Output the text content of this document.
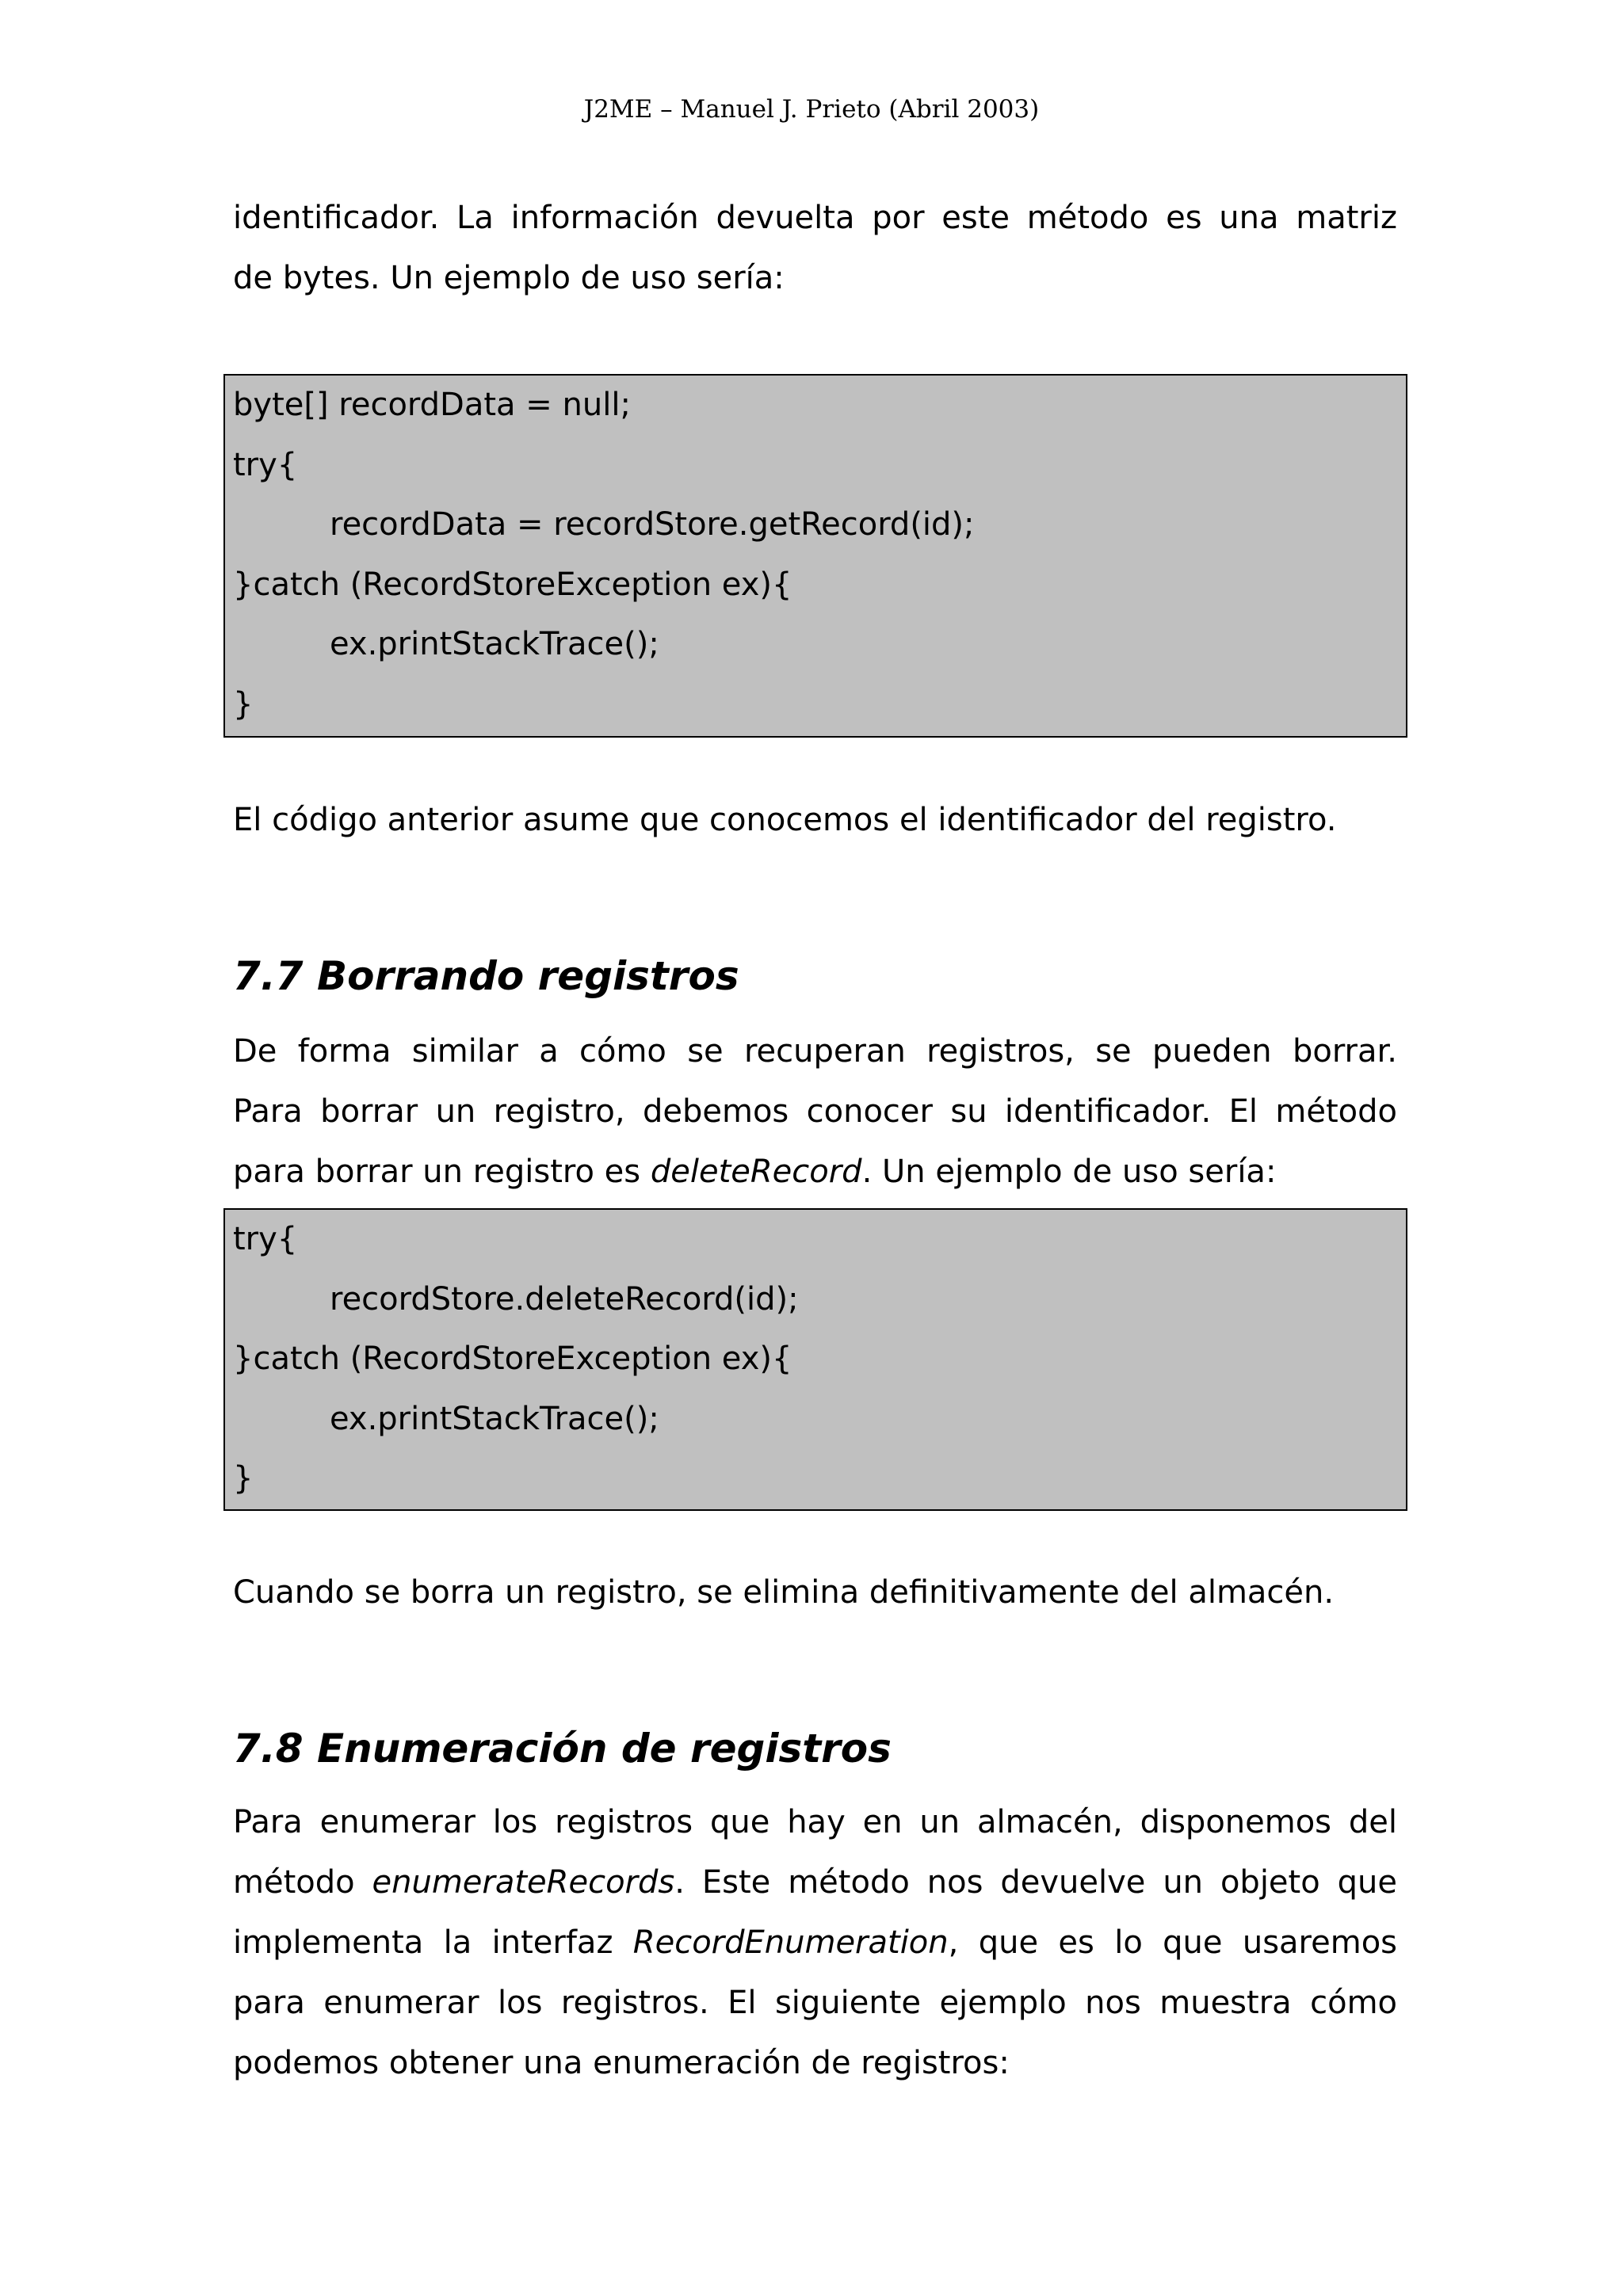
J2ME – Manuel J. Prieto (Abril 2003)

identificador. La información devuelta por este método es una matriz
de bytes. Un ejemplo de uso sería:

byte[] recordData = null;
try{
recordData = recordStore.getRecord(id);
}catch (RecordStoreException ex){
ex.printStackTrace();
}

El código anterior asume que conocemos el identificador del registro.

7.7 Borrando registros

De forma similar a cómo se recuperan registros, se pueden borrar.
Para borrar un registro, debemos conocer su identificador. El método
para borrar un registro es deleteRecord. Un ejemplo de uso sería:

try{
recordStore.deleteRecord(id);
}catch (RecordStoreException ex){
ex.printStackTrace();
}

Cuando se borra un registro, se elimina definitivamente del almacén.

7.8 Enumeración de registros

Para enumerar los registros que hay en un almacén, disponemos del
método enumerateRecords. Este método nos devuelve un objeto que
implementa la interfaz RecordEnumeration, que es lo que usaremos
para enumerar los registros. El siguiente ejemplo nos muestra cómo
podemos obtener una enumeración de registros:
